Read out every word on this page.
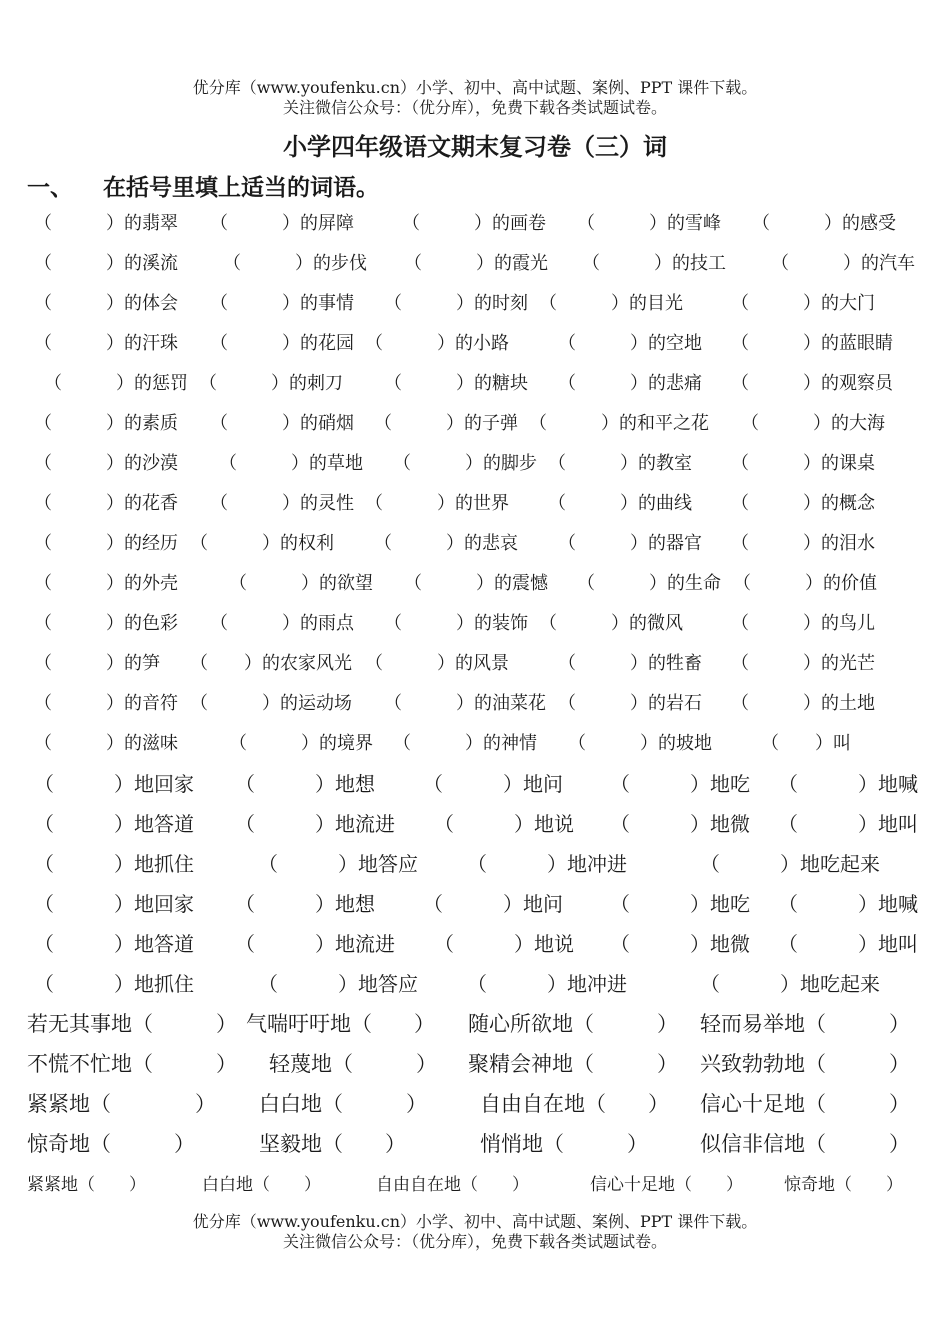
优分库（www.youfenku.cn）小学、初中、高中试题、案例、PPT 课件下载。
关注微信公众号：（优分库），免费下载各类试题试卷。
小学四年级语文期末复习卷（三）词
一、 在括号里填上适当的词语。
（　　　）的翡翠 （　　　）的屏障	（　　　）的画卷 （　　　）的雪峰 （　　　）的感受
（　　　）的溪流	（　　　）的步伐 （　　　）的霞光 （　　　）的技工	（　　　）的汽车
（　　　）的体会 （　　　）的事情 （　　　）的时刻 （　　　）的目光	（　　　）的大门
（　　　）的汗珠 （　　　）的花园 （　　　）的小路	（　　　）的空地 （　　　）的蓝眼睛
（　　　）的惩罚 （　　　）的刺刀 （　　　）的糖块 （　　　）的悲痛 （　　　）的观察员
（　　　）的素质 （　　　）的硝烟 （　　　）的子弹 （　　　）的和平之花 （　　　）的大海
（　　　）的沙漠 （　　　）的草地 （　　　）的脚步 （　　　）的教室 （　　　）的课桌
（　　　）的花香 （　　　）的灵性 （　　　）的世界 （　　　）的曲线 （　　　）的概念
（　　　）的经历 （　　　）的权利 （　　　）的悲哀 （　　　）的器官 （　　　）的泪水
（　　　）的外壳	（　　　）的欲望 （　　　）的震憾 （　　　）的生命 （　　　）的价值
（　　　）的色彩 （　　　）的雨点 （　　　）的装饰 （　　　）的微风	（　　　）的鸟儿
（　　　）的笋 （　　）的农家风光 （　　　）的风景	（　　　）的牲畜 （　　　）的光芒
（　　　）的音符 （　　　）的运动场 （　　　）的油菜花 （　　　）的岩石 （　　　）的土地
（　　　）的滋味	（　　　）的境界 （　　　）的神情 （　　　）的坡地	（　　）叫
（　　　）地回家 （　　　）地想 （　　　）地问 （　　　）地吃 （　　　）地喊
（　　　）地答道 （　　　）地流进 （　　　）地说 （　　　）地微 （　　　）地叫
（　　　）地抓住	（　　　）地答应 （　　　）地冲进	（　　　）地吃起来
（　　　）地回家 （　　　）地想 （　　　）地问 （　　　）地吃 （　　　）地喊
（　　　）地答道 （　　　）地流进 （　　　）地说 （　　　）地微 （　　　）地叫
（　　　）地抓住	（　　　）地答应 （　　　）地冲进	（　　　）地吃起来
若无其事地（　　　） 气喘吁吁地（　　） 随心所欲地（　　　） 轻而易举地（　　　）
不慌不忙地（　　　） 轻蔑地（　　　） 聚精会神地（　　　） 兴致勃勃地（　　　）
紧紧地（　　　　） 白白地（　　　）	自由自在地（　　） 信心十足地（　　　）
惊奇地（　　　）	坚毅地（　　）	悄悄地（　　　） 似信非信地（　　　）
紧紧地（　　）	白白地（　　）	自由自在地（　　）	信心十足地（　　） 惊奇地（　　）
优分库（www.youfenku.cn）小学、初中、高中试题、案例、PPT 课件下载。
关注微信公众号：（优分库），免费下载各类试题试卷。
